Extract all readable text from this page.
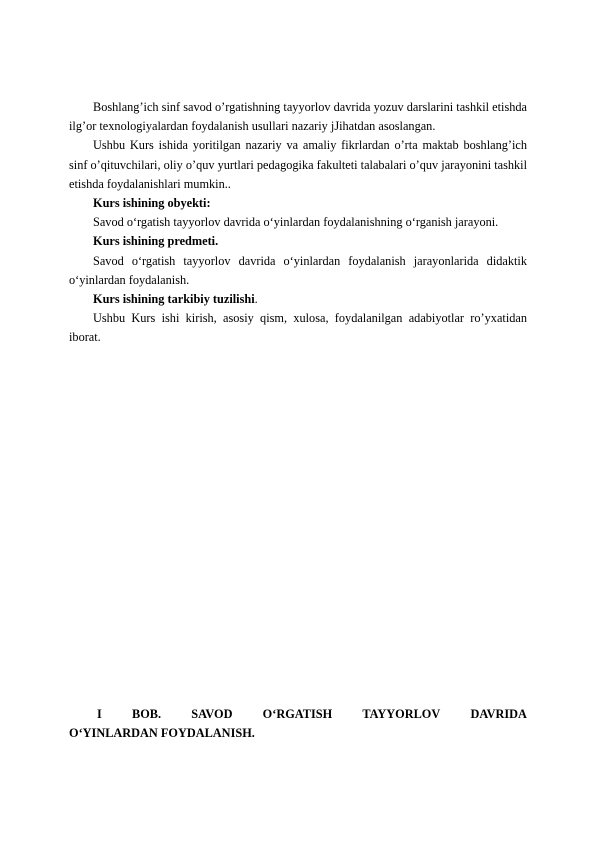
Boshlang’ich sinf savod o’rgatishning tayyorlov davrida yozuv darslarini tashkil etishda ilg’or texnologiyalardan foydalanish usullari nazariy jJihatdan asoslangan.

Ushbu Kurs ishida yoritilgan nazariy va amaliy fikrlardan o’rta maktab boshlang’ich sinf o’qituvchilari, oliy o’quv yurtlari pedagogika fakulteti talabalari o’quv jarayonini tashkil etishda foydalanishlari mumkin..

Kurs ishining obyekti:

Savod o‘rgatish tayyorlov davrida o‘yinlardan foydalanishning o‘rganish jarayoni.

Kurs ishining predmeti.

Savod o‘rgatish tayyorlov davrida o‘yinlardan foydalanish jarayonlarida didaktik o‘yinlardan foydalanish.

Kurs ishining tarkibiy tuzilishi.

Ushbu Kurs ishi kirish, asosiy qism, xulosa, foydalanilgan adabiyotlar ro’yxatidan iborat.

I BOB. SAVOD O‘RGATISH TAYYORLOV DAVRIDA
O‘YINLARDAN FOYDALANISH.
